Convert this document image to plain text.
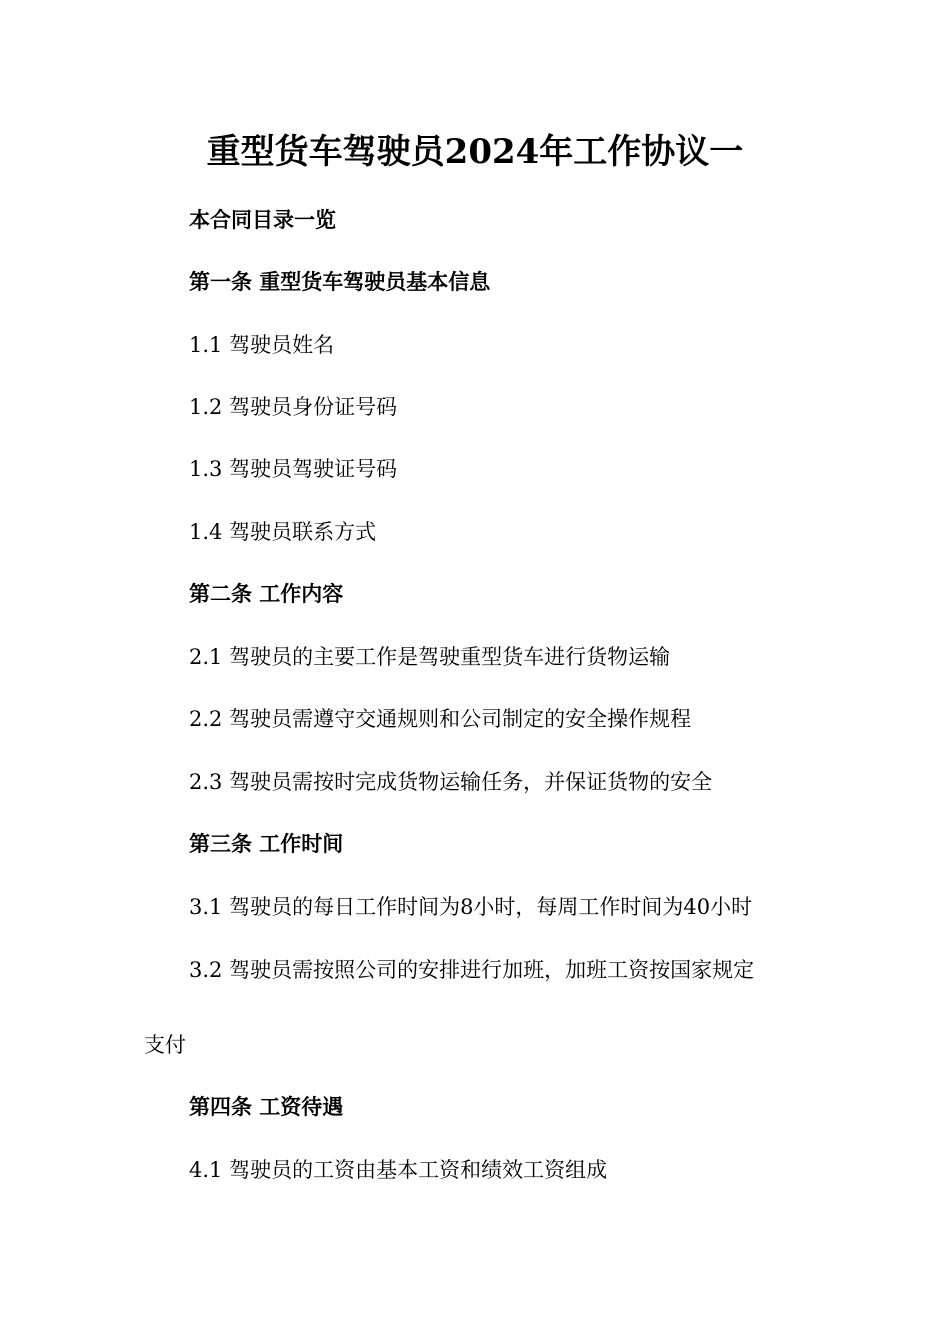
重型货车驾驶员2024年工作协议一
本合同目录一览
第一条 重型货车驾驶员基本信息
1.1 驾驶员姓名
1.2 驾驶员身份证号码
1.3 驾驶员驾驶证号码
1.4 驾驶员联系方式
第二条 工作内容
2.1 驾驶员的主要工作是驾驶重型货车进行货物运输
2.2 驾驶员需遵守交通规则和公司制定的安全操作规程
2.3 驾驶员需按时完成货物运输任务，并保证货物的安全
第三条 工作时间
3.1 驾驶员的每日工作时间为8小时，每周工作时间为40小时
3.2 驾驶员需按照公司的安排进行加班，加班工资按国家规定
支付
第四条 工资待遇
4.1 驾驶员的工资由基本工资和绩效工资组成
